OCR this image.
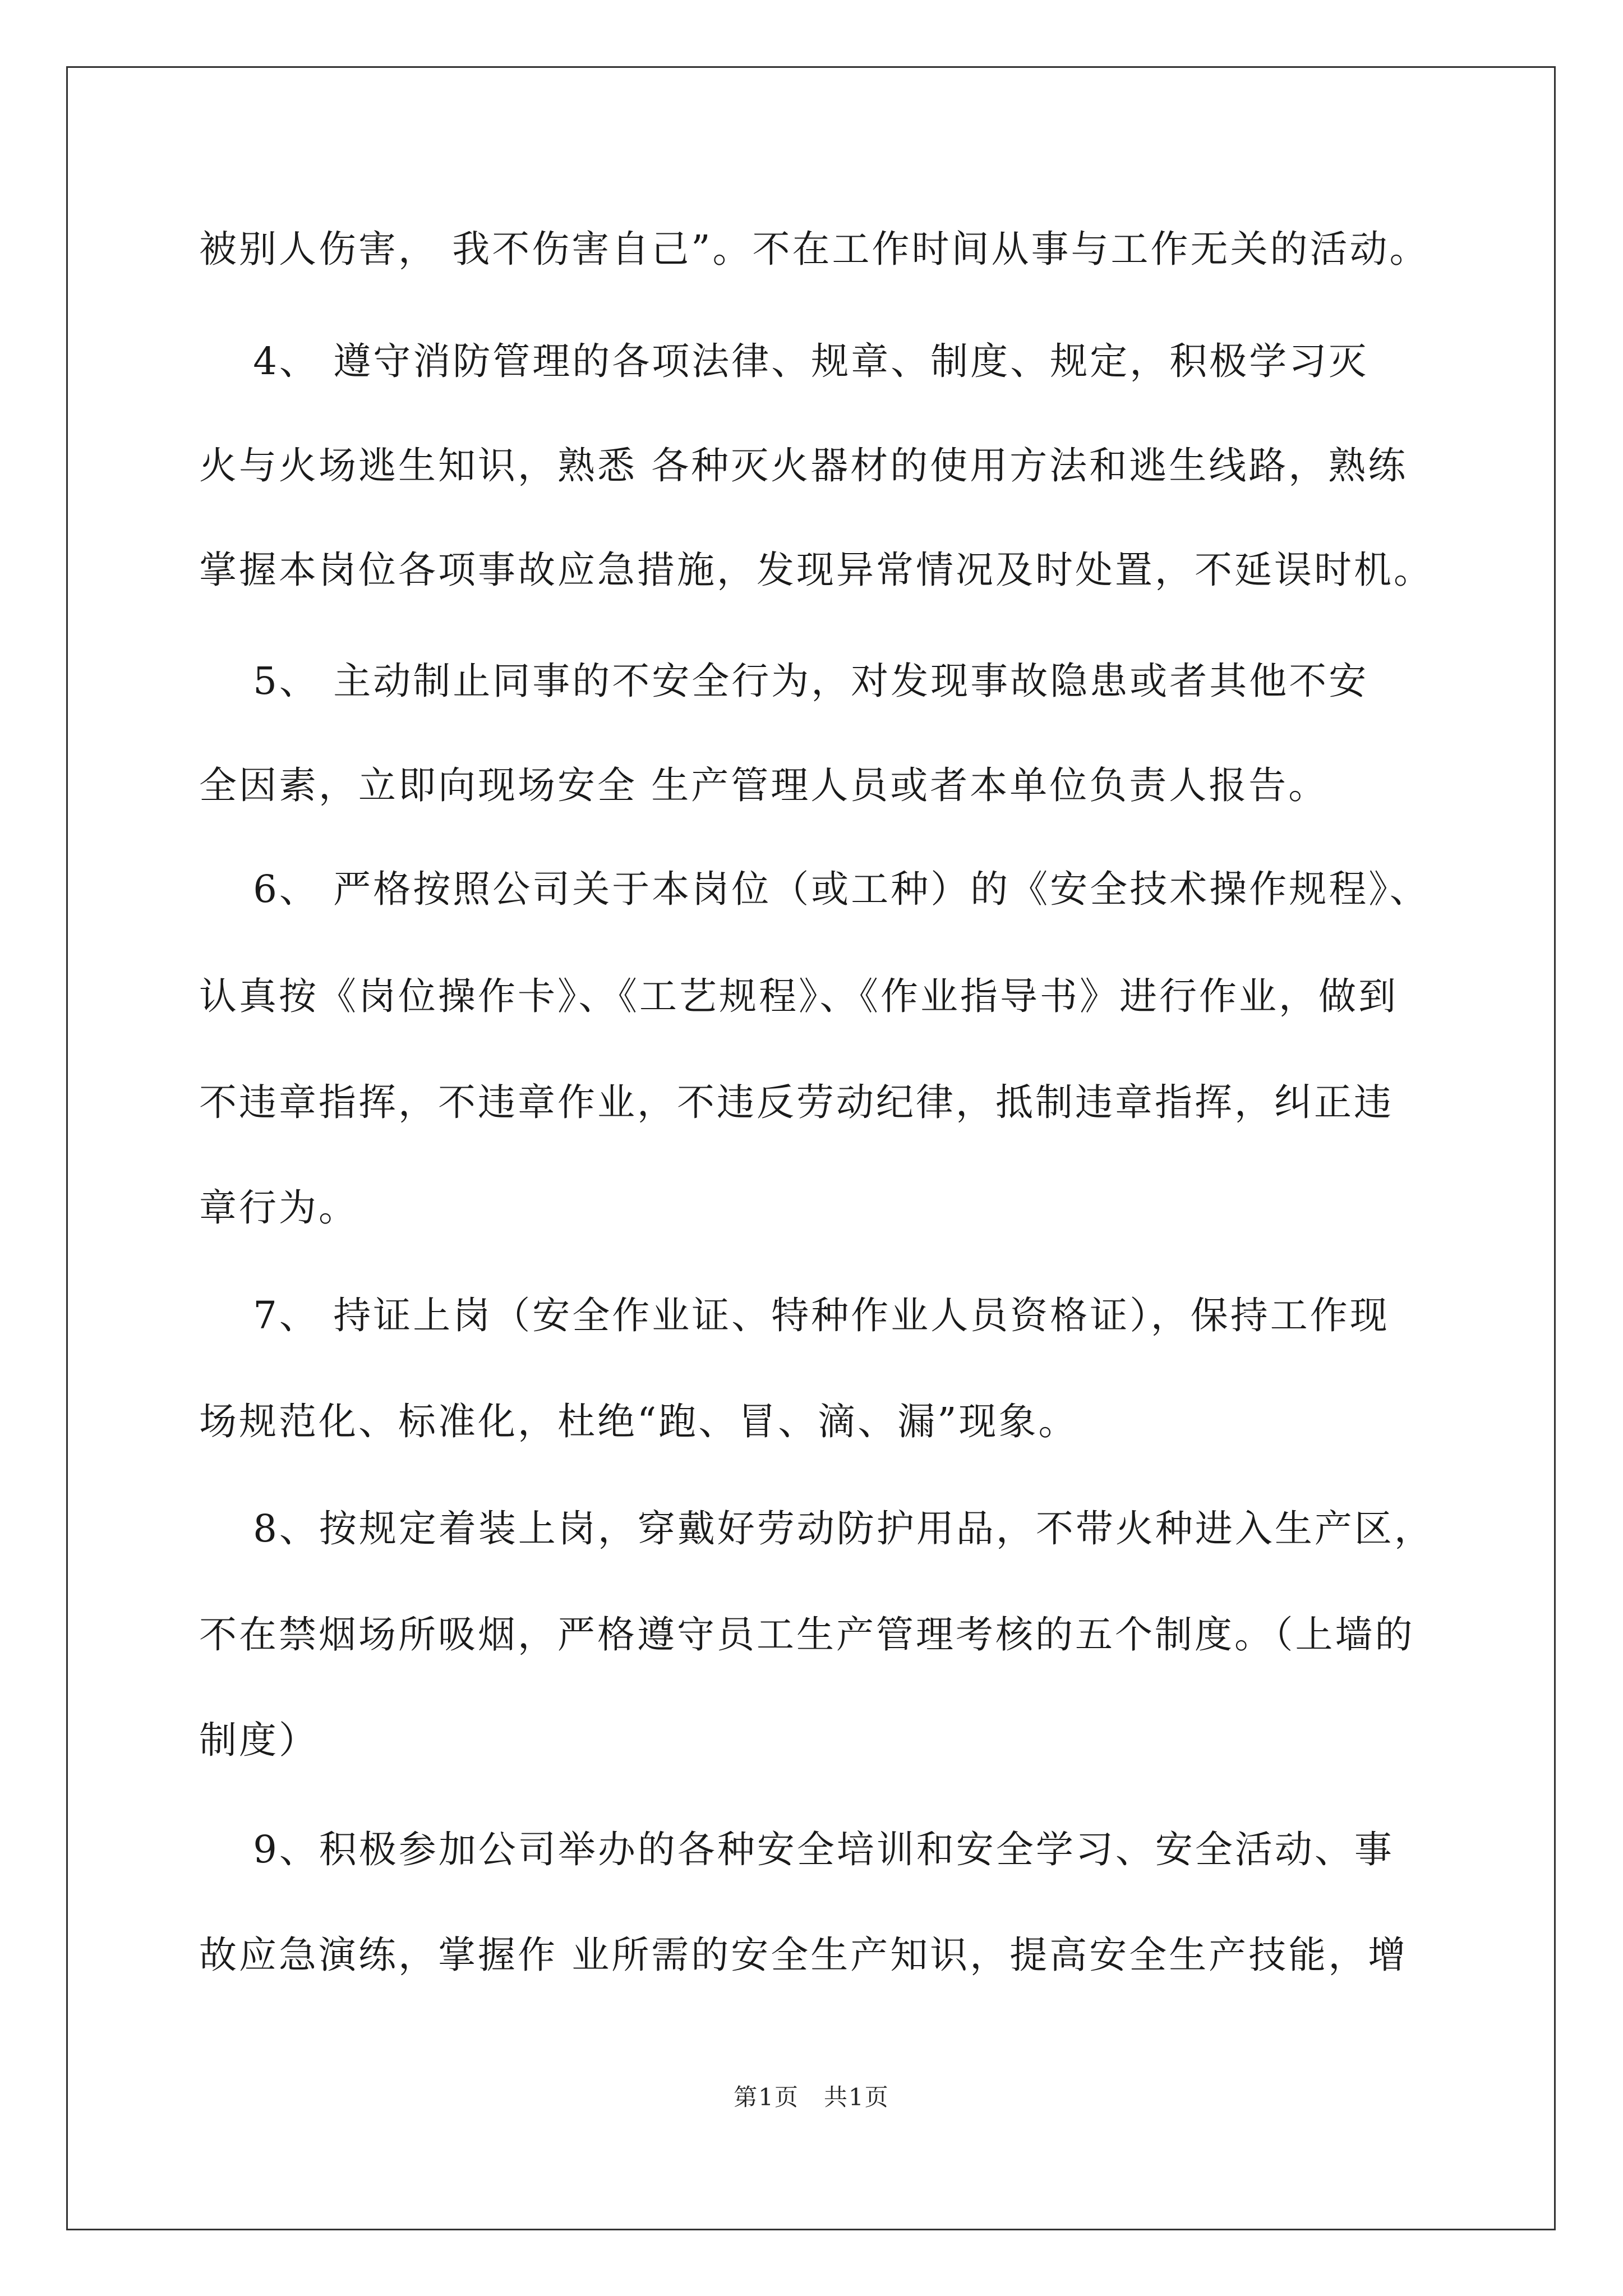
被别人伤害， 我不伤害自己”。不在工作时间从事与工作无关的活动。
　 4、 遵守消防管理的各项法律、规章、制度、规定，积极学习灭
火与火场逃生知识，熟悉 各种灭火器材的使用方法和逃生线路，熟练
掌握本岗位各项事故应急措施，发现异常情况及时处置，不延误时机。
　 5、 主动制止同事的不安全行为，对发现事故隐患或者其他不安
全因素，立即向现场安全 生产管理人员或者本单位负责人报告。
　 6、 严格按照公司关于本岗位（或工种）的《安全技术操作规程》、
认真按《岗位操作卡》、《工艺规程》、《作业指导书》进行作业，做到
不违章指挥，不违章作业，不违反劳动纪律，抵制违章指挥，纠正违
章行为。
　 7、 持证上岗（安全作业证、特种作业人员资格证），保持工作现
场规范化、标准化，杜绝“跑、冒、滴、漏”现象。
　 8、按规定着装上岗，穿戴好劳动防护用品，不带火种进入生产区，
不在禁烟场所吸烟，严格遵守员工生产管理考核的五个制度。（上墙的
制度）
　 9、积极参加公司举办的各种安全培训和安全学习、安全活动、事
故应急演练，掌握作 业所需的安全生产知识，提高安全生产技能，增
第1页　共1页
